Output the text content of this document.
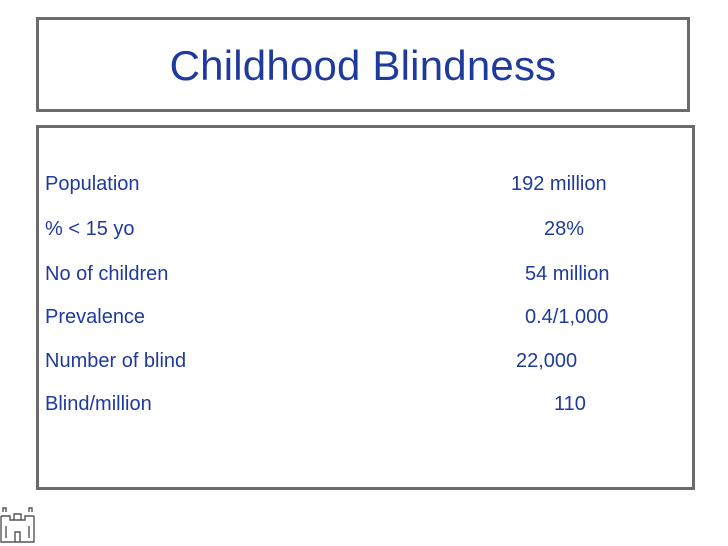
Childhood Blindness
Population	192 million
% < 15 yo	28%
No of children	54 million
Prevalence	0.4/1,000
Number of blind	22,000
Blind/million	110
